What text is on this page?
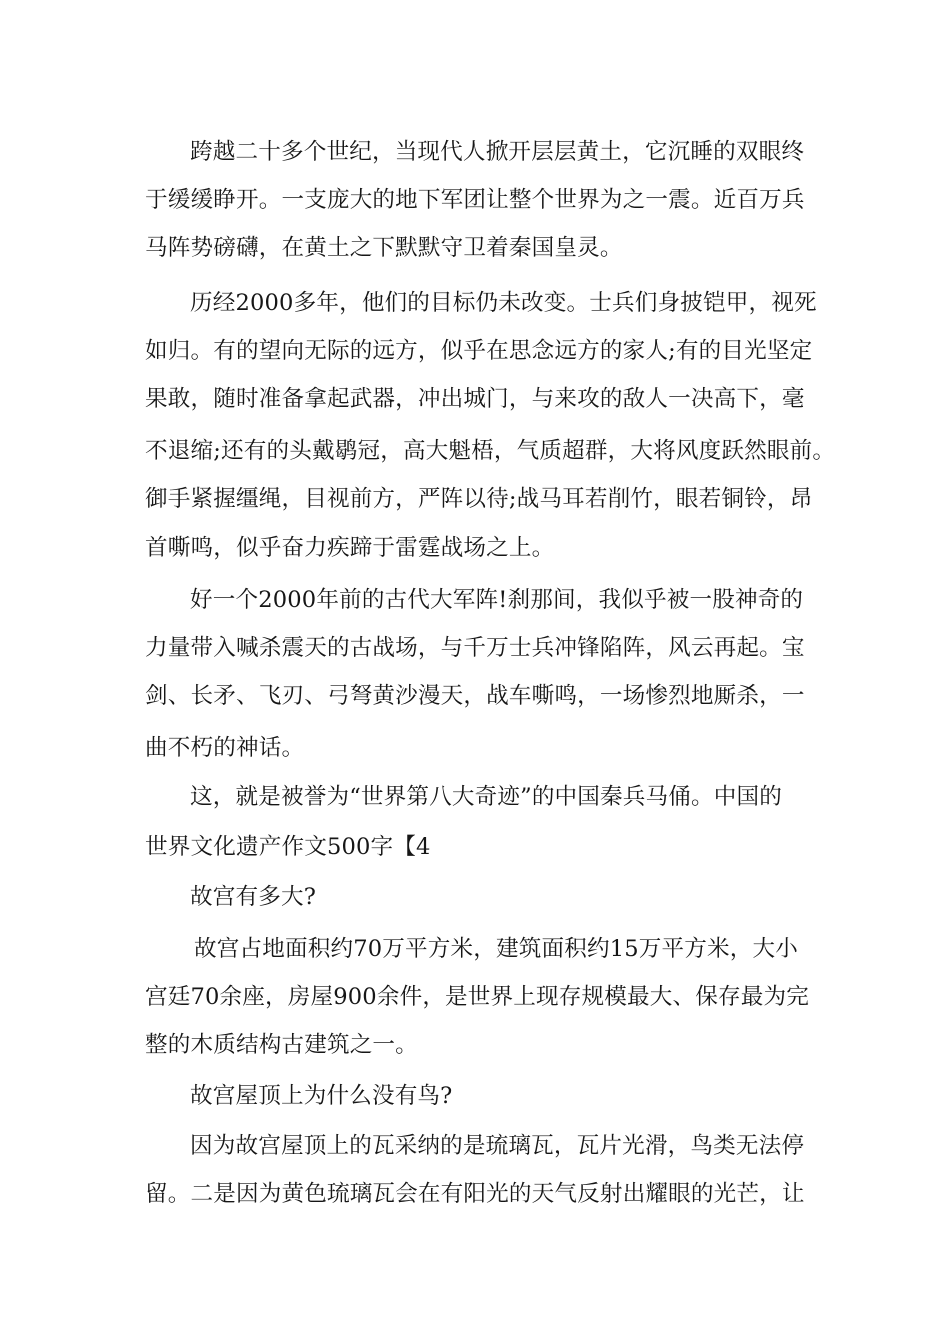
跨越二十多个世纪，当现代人掀开层层黄土，它沉睡的双眼终
于缓缓睁开。一支庞大的地下军团让整个世界为之一震。近百万兵
马阵势磅礴，在黄土之下默默守卫着秦国皇灵。
历经2000多年，他们的目标仍未改变。士兵们身披铠甲，视死
如归。有的望向无际的远方，似乎在思念远方的家人;有的目光坚定
果敢，随时准备拿起武器，冲出城门，与来攻的敌人一决高下，毫
不退缩;还有的头戴鹖冠，高大魁梧，气质超群，大将风度跃然眼前。
御手紧握缰绳，目视前方，严阵以待;战马耳若削竹，眼若铜铃，昂
首嘶鸣，似乎奋力疾蹄于雷霆战场之上。
好一个2000年前的古代大军阵!刹那间，我似乎被一股神奇的
力量带入喊杀震天的古战场，与千万士兵冲锋陷阵，风云再起。宝
剑、长矛、飞刃、弓弩黄沙漫天，战车嘶鸣，一场惨烈地厮杀，一
曲不朽的神话。
这，就是被誉为“世界第八大奇迹”的中国秦兵马俑。中国的
世界文化遗产作文500字【4
故宫有多大?
故宫占地面积约70万平方米，建筑面积约15万平方米，大小
宫廷70余座，房屋900余件，是世界上现存规模最大、保存最为完
整的木质结构古建筑之一。
故宫屋顶上为什么没有鸟?
因为故宫屋顶上的瓦采纳的是琉璃瓦，瓦片光滑，鸟类无法停
留。二是因为黄色琉璃瓦会在有阳光的天气反射出耀眼的光芒，让
